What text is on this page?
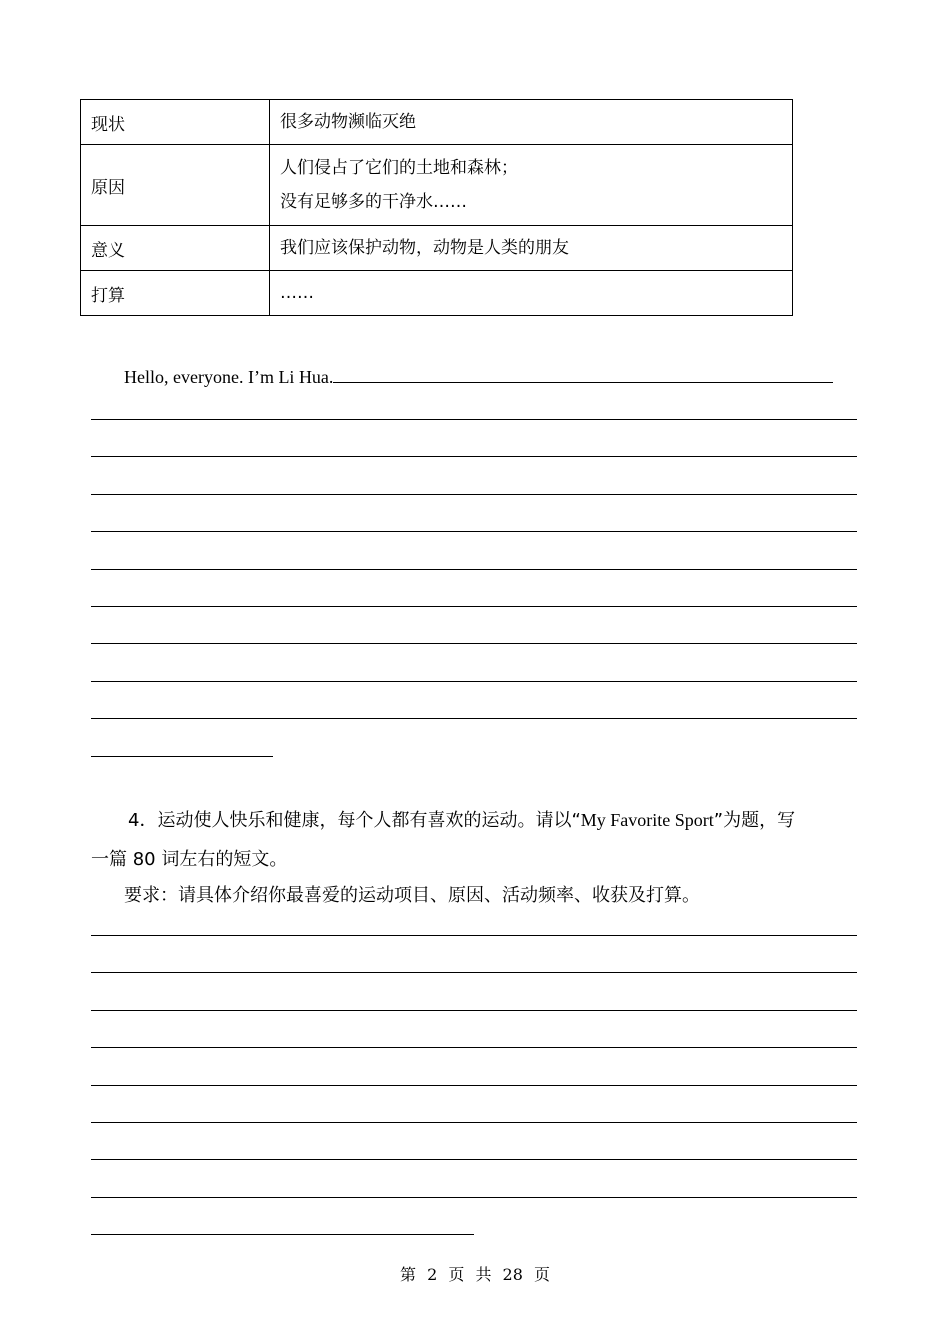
现状	很多动物濒临灭绝

原因	人们侵占了它们的土地和森林；
没有足够多的干净水……

意义	我们应该保护动物，动物是人类的朋友

打算	……
Hello, everyone. I’m Li Hua.
4．运动使人快乐和健康，每个人都有喜欢的运动。请以“My Favorite Sport”为题，写
一篇 80 词左右的短文。
要求：请具体介绍你最喜爱的运动项目、原因、活动频率、收获及打算。
第 2 页 共 28 页
